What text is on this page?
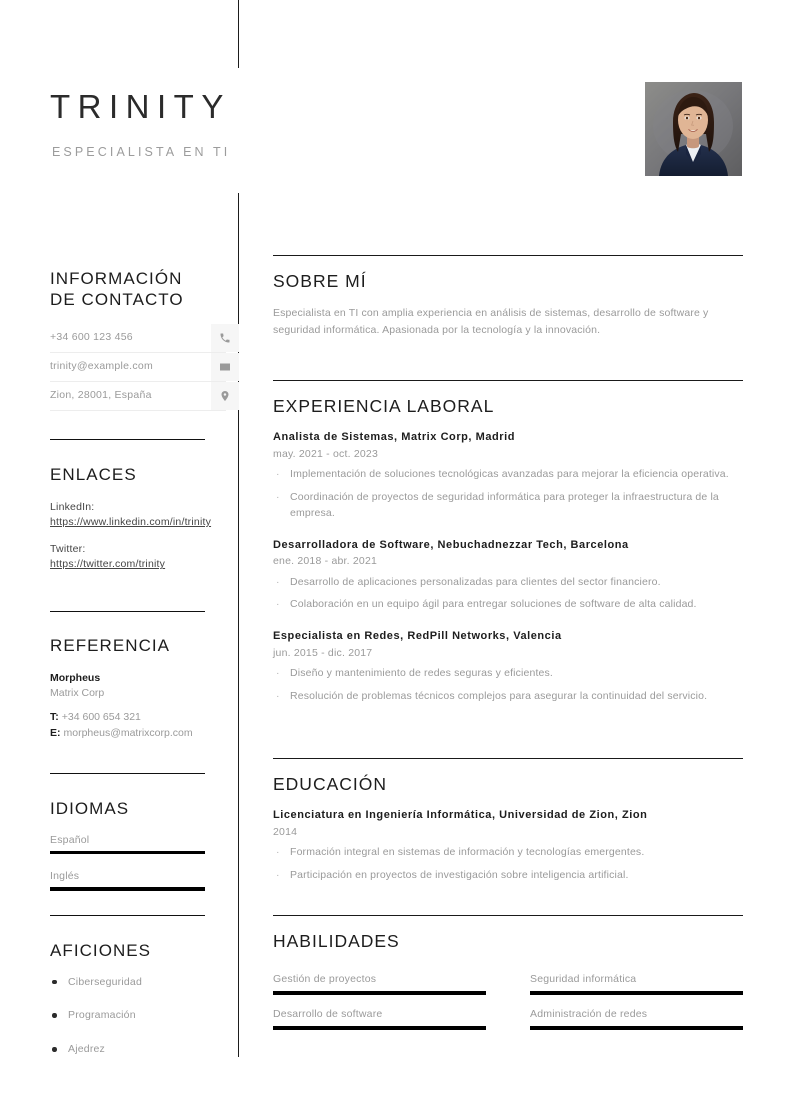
TRINITY
ESPECIALISTA EN TI
INFORMACIÓN
DE CONTACTO
+34 600 123 456
trinity@example.com
Zion, 28001, España
ENLACES

LinkedIn:

https://www.linkedin.com/in/trinity

Twitter:

https://twitter.com/trinity
REFERENCIA

Morpheus

Matrix Corp

T: +34 600 654 321

E: morpheus@matrixcorp.com

IDIOMAS

Español

Inglés

AFICIONES
Ciberseguridad
Programación
Ajedrez
SOBRE MÍ

Especialista en TI con amplia experiencia en análisis de sistemas, desarrollo de software y seguridad informática. Apasionada por la tecnología y la innovación.

EXPERIENCIA LABORAL

Analista de Sistemas, Matrix Corp, Madrid

may. 2021 - oct. 2023

· Implementación de soluciones tecnológicas avanzadas para mejorar la eficiencia operativa.
· Coordinación de proyectos de seguridad informática para proteger la infraestructura de la empresa.

Desarrolladora de Software, Nebuchadnezzar Tech, Barcelona

ene. 2018 - abr. 2021

· Desarrollo de aplicaciones personalizadas para clientes del sector financiero.
· Colaboración en un equipo ágil para entregar soluciones de software de alta calidad.

Especialista en Redes, RedPill Networks, Valencia

jun. 2015 - dic. 2017

· Diseño y mantenimiento de redes seguras y eficientes.
· Resolución de problemas técnicos complejos para asegurar la continuidad del servicio.
EDUCACIÓN

Licenciatura en Ingeniería Informática, Universidad de Zion, Zion

2014

· Formación integral en sistemas de información y tecnologías emergentes.
· Participación en proyectos de investigación sobre inteligencia artificial.
HABILIDADES

Gestión de proyectos	Seguridad informática

Desarrollo de software	Administración de redes
